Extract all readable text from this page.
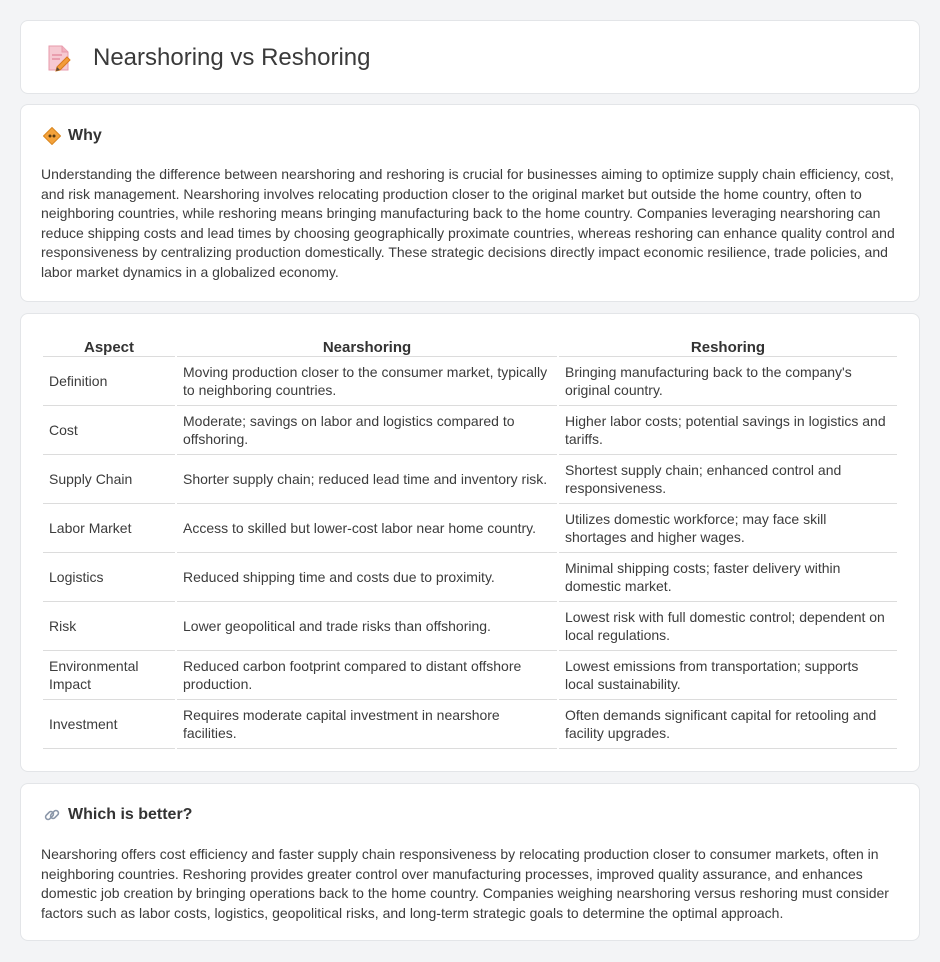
Nearshoring vs Reshoring
Why

Understanding the difference between nearshoring and reshoring is crucial for businesses aiming to optimize supply chain efficiency, cost, and risk management. Nearshoring involves relocating production closer to the original market but outside the home country, often to neighboring countries, while reshoring means bringing manufacturing back to the home country. Companies leveraging nearshoring can reduce shipping costs and lead times by choosing geographically proximate countries, whereas reshoring can enhance quality control and responsiveness by centralizing production domestically. These strategic decisions directly impact economic resilience, trade policies, and labor market dynamics in a globalized economy.

Aspect	Nearshoring	Reshoring
Definition	Moving production closer to the consumer market, typically to neighboring countries.	Bringing manufacturing back to the company's original country.
Cost	Moderate; savings on labor and logistics compared to offshoring.	Higher labor costs; potential savings in logistics and tariffs.
Supply Chain	Shorter supply chain; reduced lead time and inventory risk.	Shortest supply chain; enhanced control and responsiveness.
Labor Market	Access to skilled but lower-cost labor near home country.	Utilizes domestic workforce; may face skill shortages and higher wages.
Logistics	Reduced shipping time and costs due to proximity.	Minimal shipping costs; faster delivery within domestic market.
Risk	Lower geopolitical and trade risks than offshoring.	Lowest risk with full domestic control; dependent on local regulations.
Environmental Impact	Reduced carbon footprint compared to distant offshore production.	Lowest emissions from transportation; supports local sustainability.
Investment	Requires moderate capital investment in nearshore facilities.	Often demands significant capital for retooling and facility upgrades.
Which is better?

Nearshoring offers cost efficiency and faster supply chain responsiveness by relocating production closer to consumer markets, often in neighboring countries. Reshoring provides greater control over manufacturing processes, improved quality assurance, and enhances domestic job creation by bringing operations back to the home country. Companies weighing nearshoring versus reshoring must consider factors such as labor costs, logistics, geopolitical risks, and long-term strategic goals to determine the optimal approach.
